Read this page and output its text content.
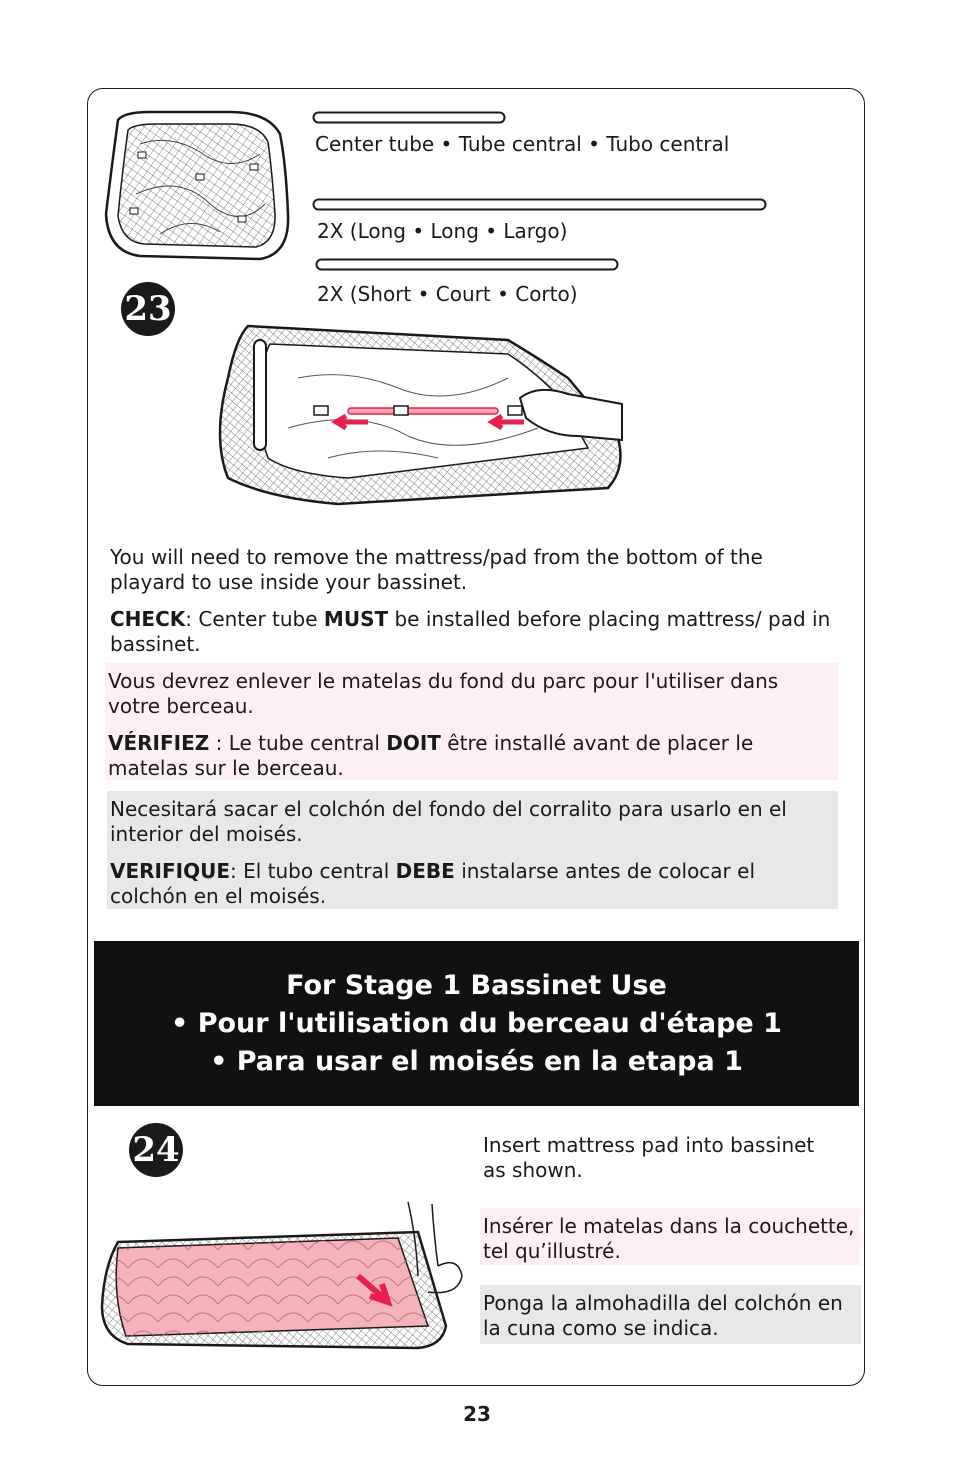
Center tube • Tube central • Tubo central
2X (Long • Long • Largo)
2X (Short • Court • Corto)
23

You will need to remove the mattress/pad from the bottom of the playard to use inside your bassinet.

CHECK: Center tube MUST be installed before placing mattress/ pad in bassinet.

Vous devrez enlever le matelas du fond du parc pour l'utiliser dans votre berceau.

VÉRIFIEZ : Le tube central DOIT être installé avant de placer le matelas sur le berceau.

Necesitará sacar el colchón del fondo del corralito para usarlo en el interior del moisés.

VERIFIQUE: El tubo central DEBE instalarse antes de colocar el colchón en el moisés.

For Stage 1 Bassinet Use
• Pour l'utilisation du berceau d'étape 1
• Para usar el moisés en la etapa 1
24	Insert mattress pad into bassinet as shown.

Insérer le matelas dans la couchette, tel qu’illustré.

Ponga la almohadilla del colchón en la cuna como se indica.

23
